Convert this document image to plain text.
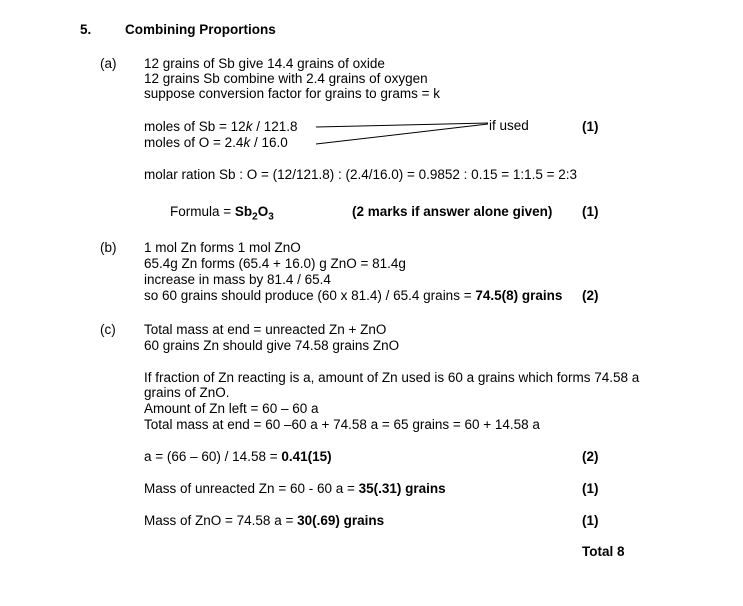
5. Combining Proportions
(a) 12 grains of Sb give 14.4 grains of oxide
12 grains Sb combine with 2.4 grains of oxygen
suppose conversion factor for grains to grams = k
moles of Sb = 12k / 121.8
moles of O = 2.4k / 16.0
if used	(1)
molar ration Sb : O = (12/121.8) : (2.4/16.0) = 0.9852 : 0.15 = 1:1.5 = 2:3
Formula = $Sb_2O_3$	(2 marks if answer alone given) (1)
(b) 1 mol Zn forms 1 mol ZnO
65.4g Zn forms (65.4 + 16.0) g ZnO = 81.4g
increase in mass by 81.4 / 65.4
so 60 grains should produce (60 x 81.4) / 65.4 grains = 74.5(8) grains (2)
(c) Total mass at end = unreacted Zn + ZnO
60 grains Zn should give 74.58 grains ZnO
If fraction of Zn reacting is a, amount of Zn used is 60 a grains which forms 74.58 a
grains of ZnO.
Amount of Zn left = 60 – 60 a
Total mass at end = 60 –60 a + 74.58 a = 65 grains = 60 + 14.58 a
a = (66 – 60) / 14.58 = 0.41(15)	(2)
Mass of unreacted Zn = 60 - 60 a = 35(.31) grains	(1)
Mass of ZnO = 74.58 a = 30(.69) grains	(1)
Total 8
